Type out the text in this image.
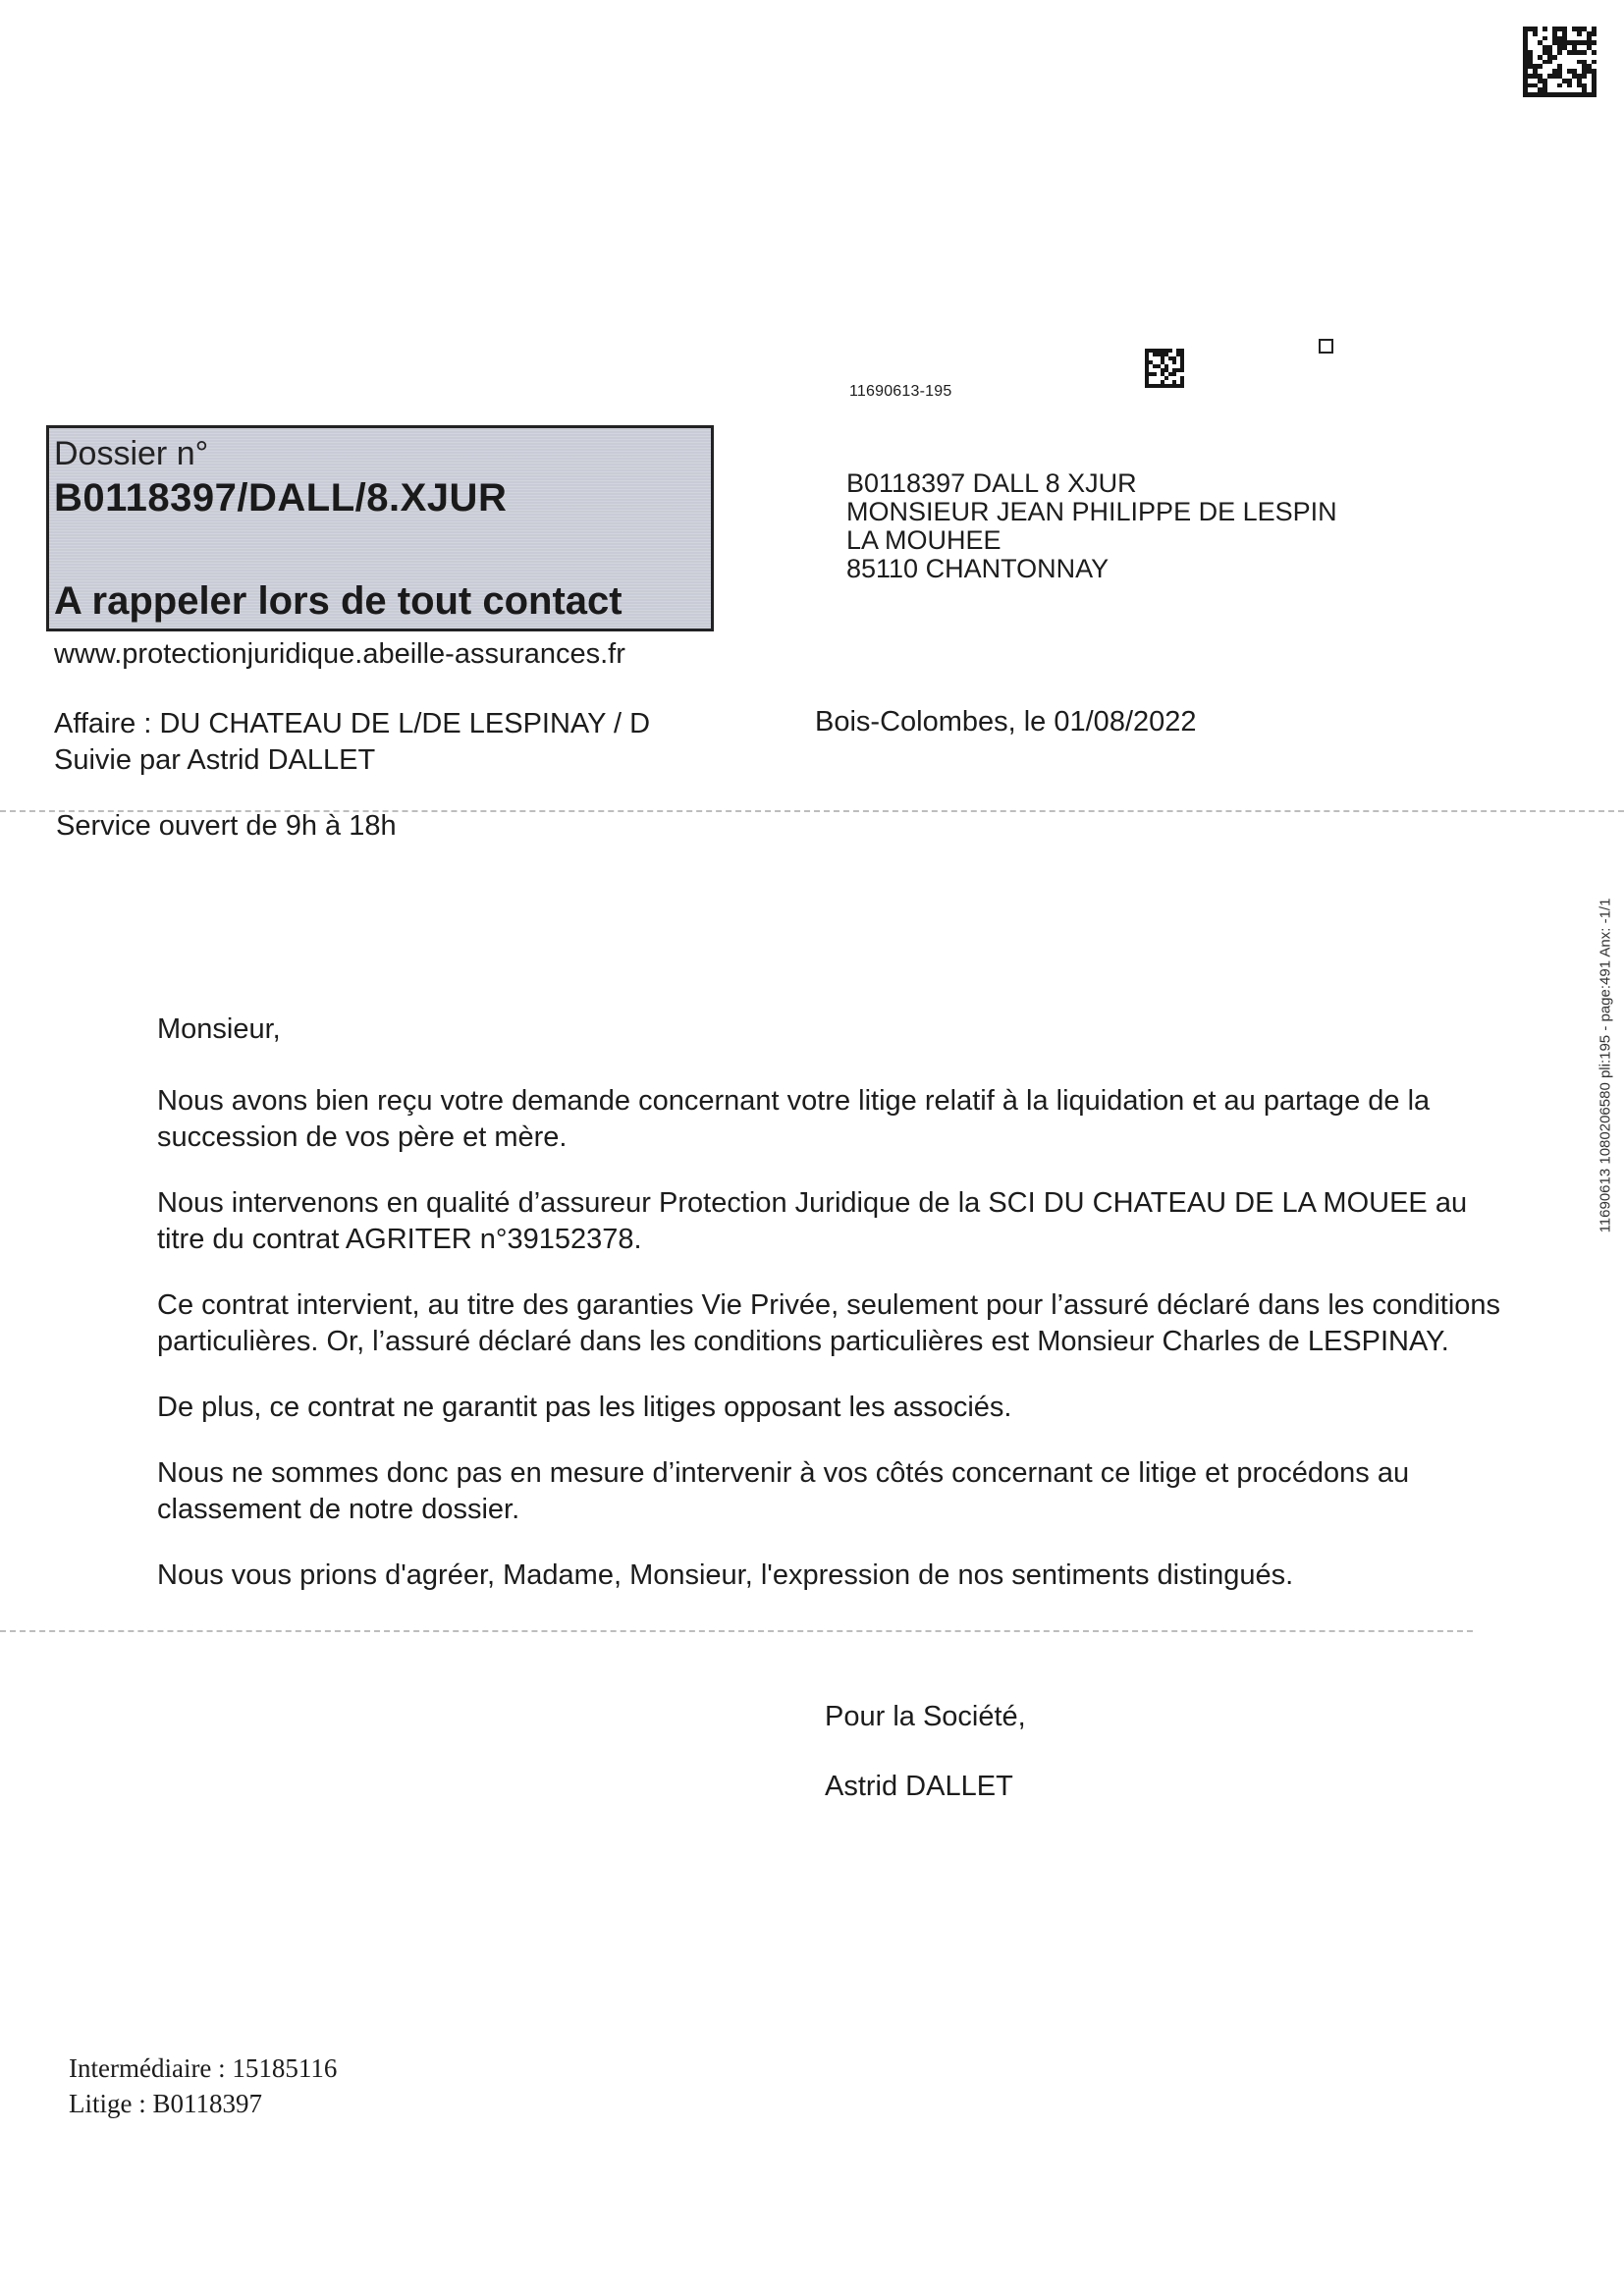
11690613-195
Dossier n°
B0118397/DALL/8.XJUR
A rappeler lors de tout contact
www.protectionjuridique.abeille-assurances.fr
B0118397 DALL 8 XJUR
MONSIEUR JEAN PHILIPPE DE LESPIN
LA MOUHEE
85110 CHANTONNAY
Affaire : DU CHATEAU DE L/DE LESPINAY / D
Suivie par Astrid DALLET
Bois-Colombes, le 01/08/2022
Service ouvert de 9h à 18h
11690613 1080206580 pli:195 - page:491 Anx: -1/1

Monsieur,

Nous avons bien reçu votre demande concernant votre litige relatif à la liquidation et au partage de la succession de vos père et mère.

Nous intervenons en qualité d’assureur Protection Juridique de la SCI DU CHATEAU DE LA MOUEE au titre du contrat AGRITER n°39152378.

Ce contrat intervient, au titre des garanties Vie Privée, seulement pour l’assuré déclaré dans les conditions particulières. Or, l’assuré déclaré dans les conditions particulières est Monsieur Charles de LESPINAY.

De plus, ce contrat ne garantit pas les litiges opposant les associés.

Nous ne sommes donc pas en mesure d’intervenir à vos côtés concernant ce litige et procédons au classement de notre dossier.

Nous vous prions d'agréer, Madame, Monsieur, l'expression de nos sentiments distingués.

Pour la Société,
Astrid DALLET
Intermédiaire : 15185116
Litige : B0118397
